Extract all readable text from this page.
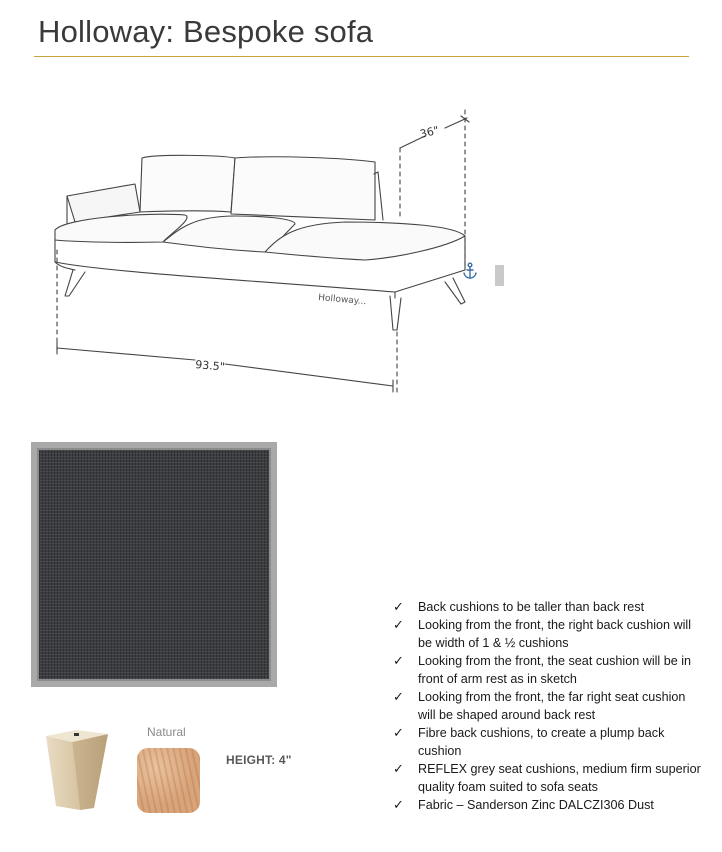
Holloway: Bespoke sofa
36"
93.5"
Holloway...
Natural
HEIGHT: 4"
✓ Back cushions to be taller than back rest
✓ Looking from the front, the right back cushion will be width of 1 & ½ cushions
✓ Looking from the front, the seat cushion will be in front of arm rest as in sketch
✓ Looking from the front, the far right seat cushion will be shaped around back rest
✓ Fibre back cushions, to create a plump back cushion
✓ REFLEX grey seat cushions, medium firm superior quality foam suited to sofa seats
✓ Fabric – Sanderson Zinc DALCZI306 Dust
